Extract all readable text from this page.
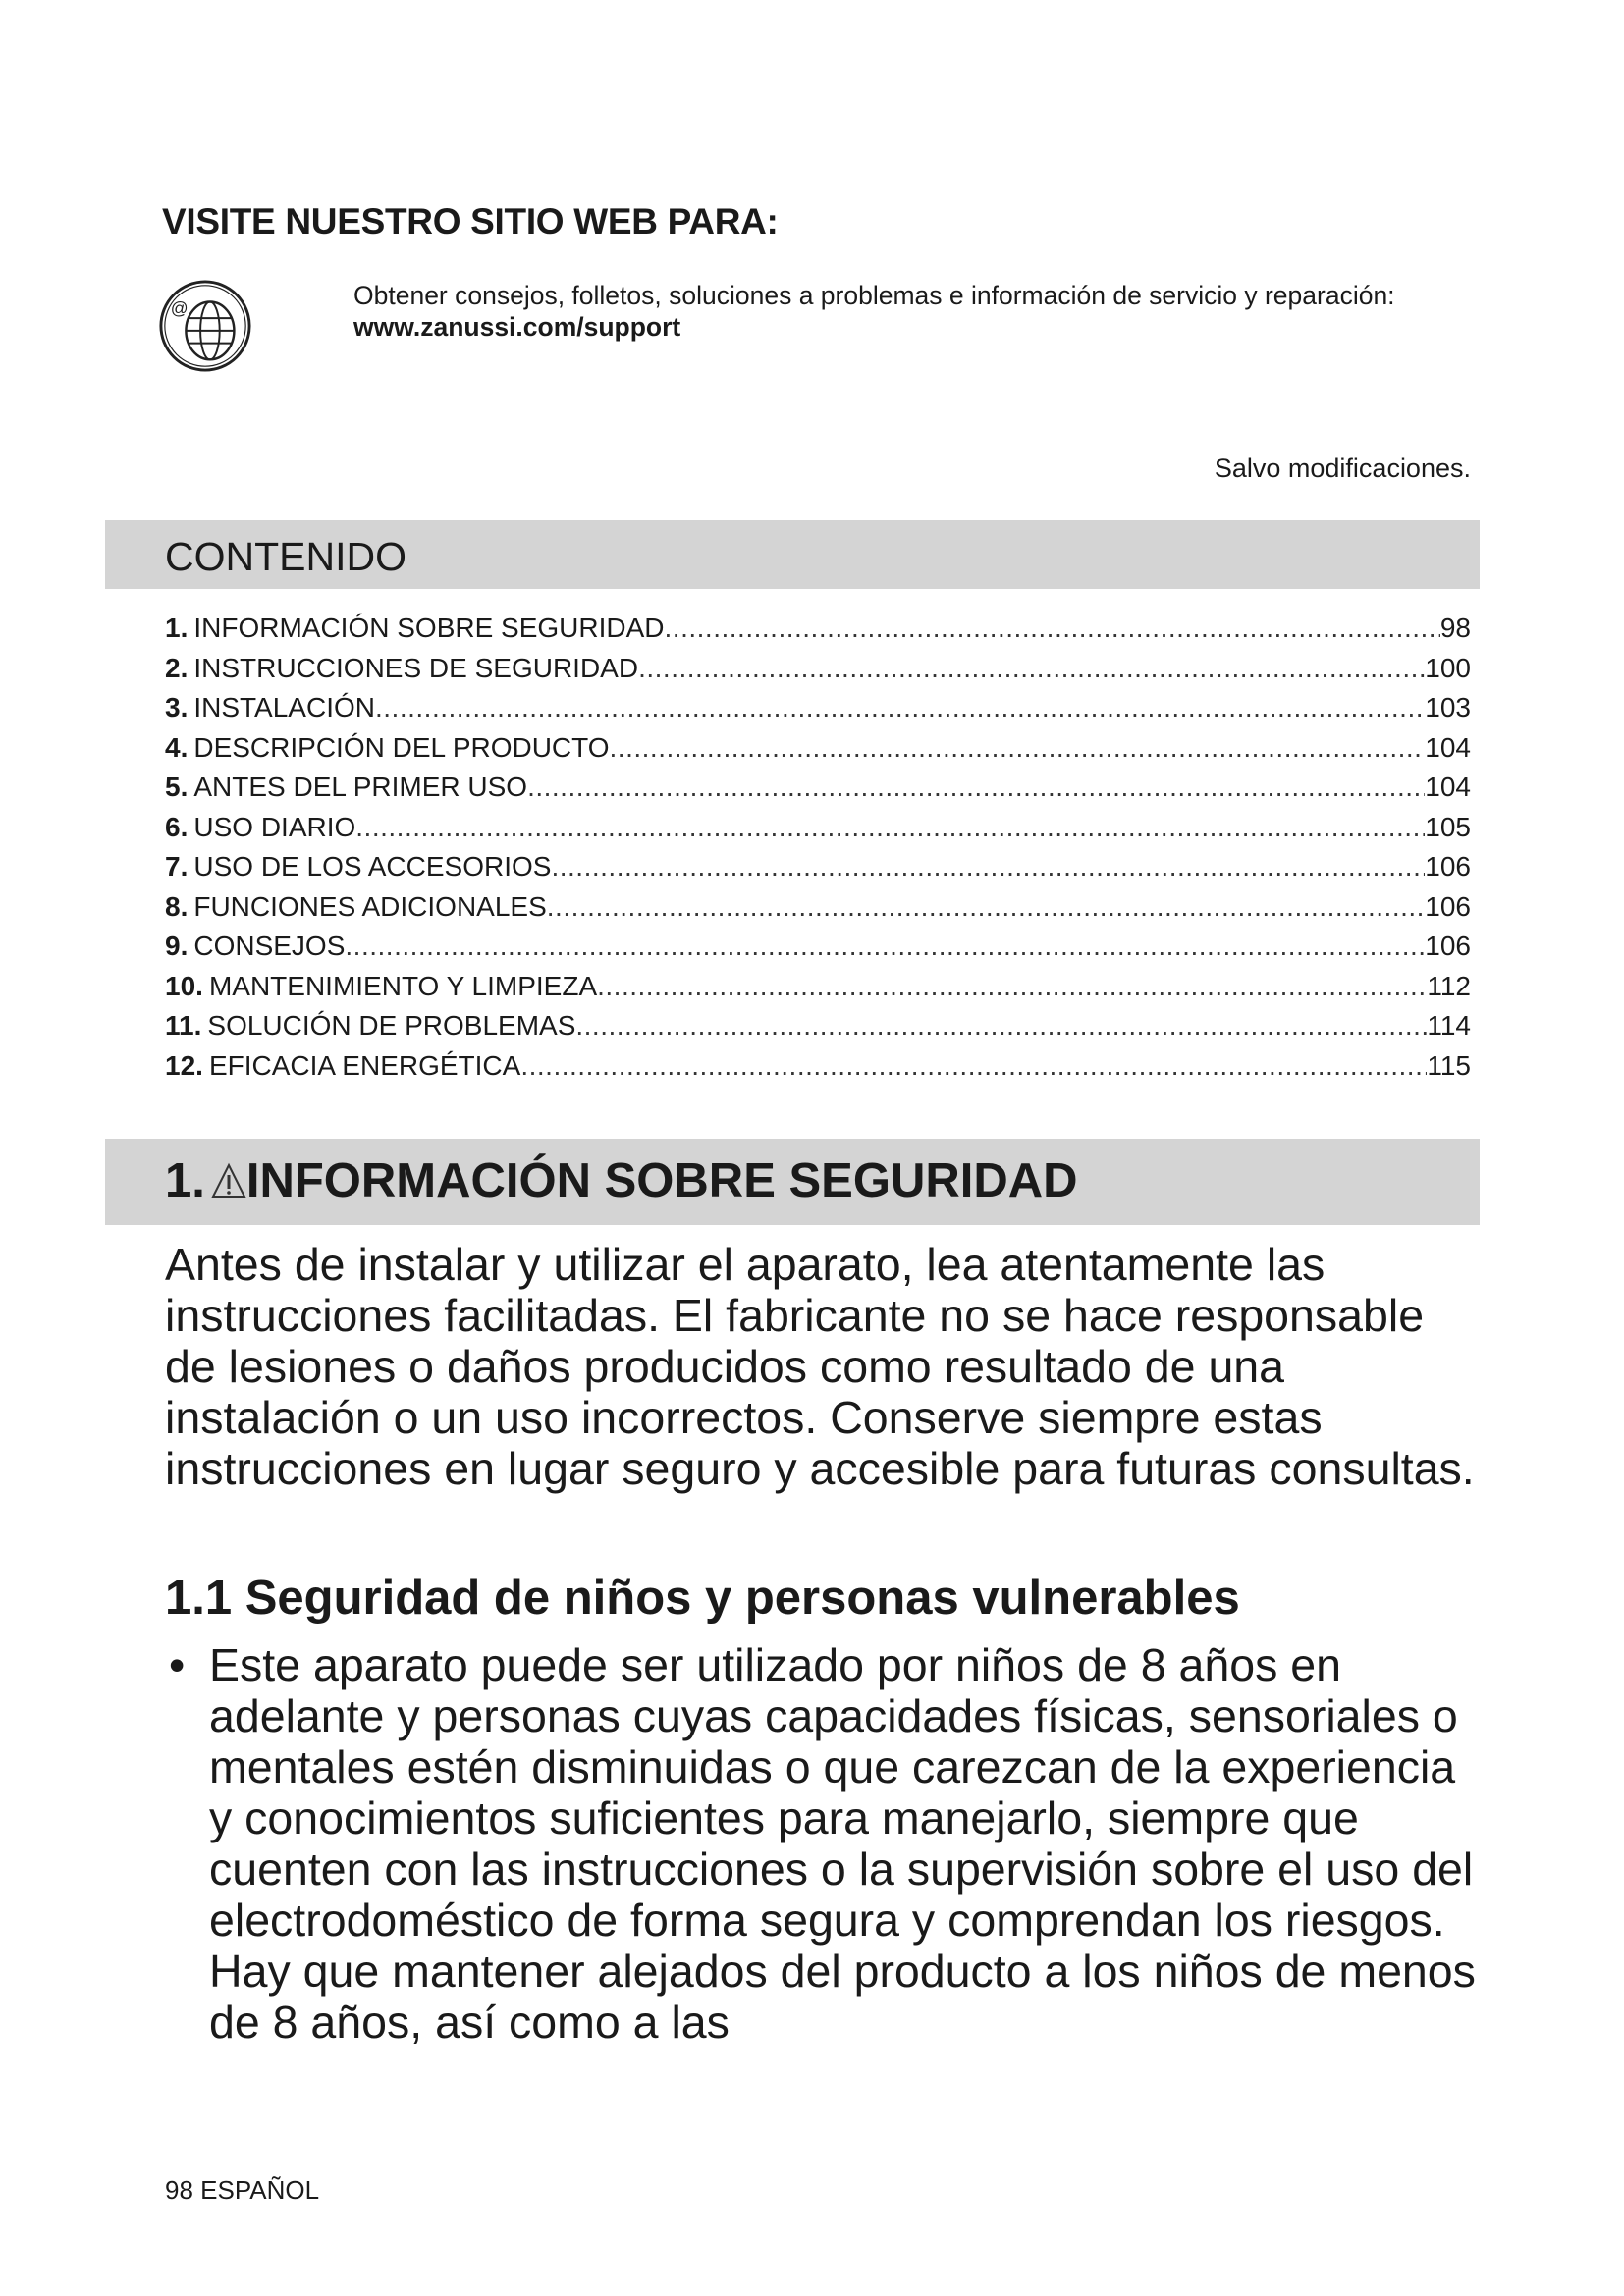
VISITE NUESTRO SITIO WEB PARA:
@	Obtener consejos, folletos, soluciones a problemas e información de servicio y reparación:
www.zanussi.com/support
Salvo modificaciones.
CONTENIDO
1. INFORMACIÓN SOBRE SEGURIDAD .....	98
2. INSTRUCCIONES DE SEGURIDAD .....	100
3. INSTALACIÓN .....	103
4. DESCRIPCIÓN DEL PRODUCTO .....	104
5. ANTES DEL PRIMER USO .....	104
6. USO DIARIO .....	105
7. USO DE LOS ACCESORIOS .....	106
8. FUNCIONES ADICIONALES .....	106
9. CONSEJOS .....	106
10. MANTENIMIENTO Y LIMPIEZA .....	112
11. SOLUCIÓN DE PROBLEMAS .....	114
12. EFICACIA ENERGÉTICA .....	115
1. INFORMACIÓN SOBRE SEGURIDAD
Antes de instalar y utilizar el aparato, lea atentamente las instrucciones facilitadas. El fabricante no se hace responsable de lesiones o daños producidos como resultado de una instalación o un uso incorrectos. Conserve siempre estas instrucciones en lugar seguro y accesible para futuras consultas.
1.1 Seguridad de niños y personas vulnerables
• Este aparato puede ser utilizado por niños de 8 años en adelante y personas cuyas capacidades físicas, sensoriales o mentales estén disminuidas o que carezcan de la experiencia y conocimientos suficientes para manejarlo, siempre que cuenten con las instrucciones o la supervisión sobre el uso del electrodoméstico de forma segura y comprendan los riesgos. Hay que mantener alejados del producto a los niños de menos de 8 años, así como a las
98 ESPAÑOL
